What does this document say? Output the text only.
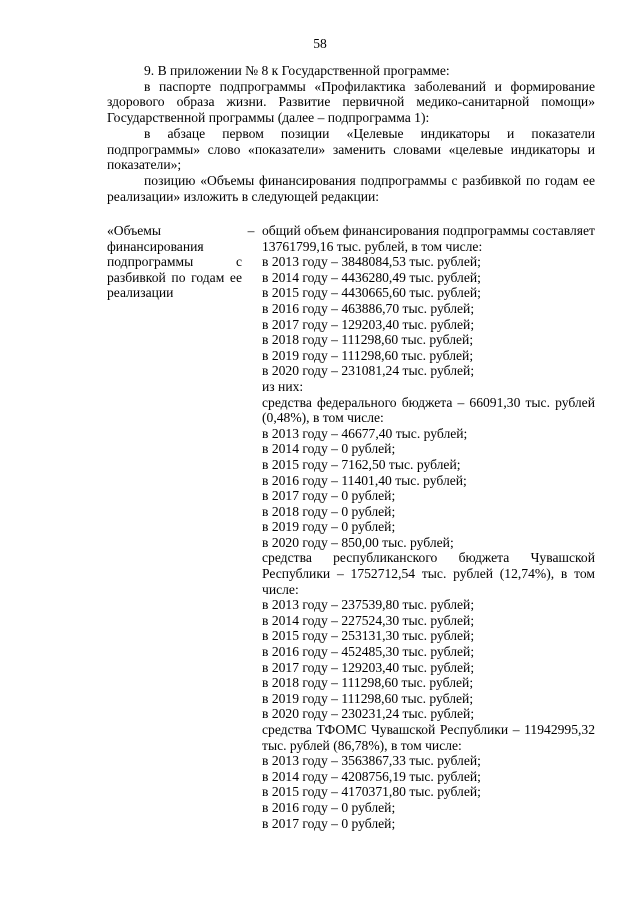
58

9. В приложении № 8 к Государственной программе:

в паспорте подпрограммы «Профилактика заболеваний и формирование здорового образа жизни. Развитие первичной медико-санитарной помощи» Государственной программы (далее – подпрограмма 1):

в абзаце первом позиции «Целевые индикаторы и показатели подпрограммы» слово «показатели» заменить словами «целевые индикаторы и показатели»;

позицию «Объемы финансирования подпрограммы с разбивкой по годам ее реализации» изложить в следующей редакции:

«Объемы финансирования подпрограммы с разбивкой по годам ее реализации
– общий объем финансирования подпрограммы составляет 13761799,16 тыс. рублей, в том числе:
в 2013 году – 3848084,53 тыс. рублей;
в 2014 году – 4436280,49 тыс. рублей;
в 2015 году – 4430665,60 тыс. рублей;
в 2016 году – 463886,70 тыс. рублей;
в 2017 году – 129203,40 тыс. рублей;
в 2018 году – 111298,60 тыс. рублей;
в 2019 году – 111298,60 тыс. рублей;
в 2020 году – 231081,24 тыс. рублей;
из них:
средства федерального бюджета – 66091,30 тыс. рублей (0,48%), в том числе:
в 2013 году – 46677,40 тыс. рублей;
в 2014 году – 0 рублей;
в 2015 году – 7162,50 тыс. рублей;
в 2016 году – 11401,40 тыс. рублей;
в 2017 году – 0 рублей;
в 2018 году – 0 рублей;
в 2019 году – 0 рублей;
в 2020 году – 850,00 тыс. рублей;
средства республиканского бюджета Чувашской Республики – 1752712,54 тыс. рублей (12,74%), в том числе:
в 2013 году – 237539,80 тыс. рублей;
в 2014 году – 227524,30 тыс. рублей;
в 2015 году – 253131,30 тыс. рублей;
в 2016 году – 452485,30 тыс. рублей;
в 2017 году – 129203,40 тыс. рублей;
в 2018 году – 111298,60 тыс. рублей;
в 2019 году – 111298,60 тыс. рублей;
в 2020 году – 230231,24 тыс. рублей;
средства ТФОМС Чувашской Республики – 11942995,32 тыс. рублей (86,78%), в том числе:
в 2013 году – 3563867,33 тыс. рублей;
в 2014 году – 4208756,19 тыс. рублей;
в 2015 году – 4170371,80 тыс. рублей;
в 2016 году – 0 рублей;
в 2017 году – 0 рублей;
